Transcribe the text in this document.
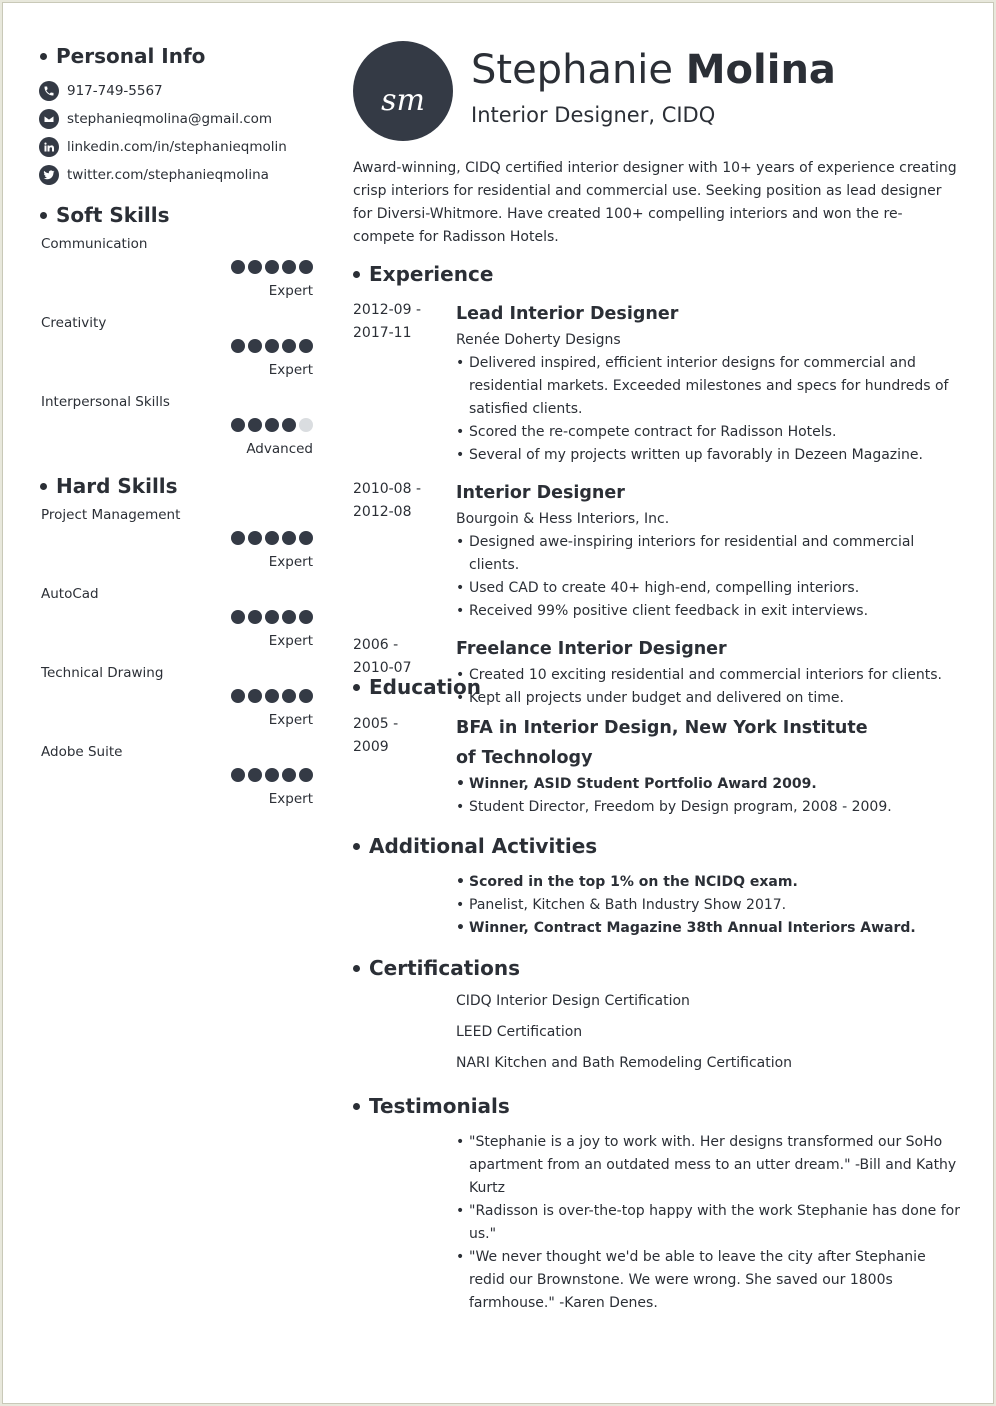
Personal Info
917-749-5567
stephanieqmolina@gmail.com
linkedin.com/in/stephanieqmolin
twitter.com/stephanieqmolina
Soft Skills
Communication
Expert
Creativity
Expert
Interpersonal Skills
Advanced
Hard Skills
Project Management
Expert
AutoCad
Expert
Technical Drawing
Expert
Adobe Suite
Expert
sm
Stephanie Molina
Interior Designer, CIDQ
Award-winning, CIDQ certified interior designer with 10+ years of experience creating crisp interiors for residential and commercial use. Seeking position as lead designer for Diversi-Whitmore. Have created 100+ compelling interiors and won the re-compete for Radisson Hotels.
Experience
2012-09 -
2017-11
Lead Interior Designer
Renée Doherty Designs
• Delivered inspired, efficient interior designs for commercial and residential markets. Exceeded milestones and specs for hundreds of satisfied clients.
• Scored the re-compete contract for Radisson Hotels.
• Several of my projects written up favorably in Dezeen Magazine.
2010-08 -
2012-08
Interior Designer
Bourgoin & Hess Interiors, Inc.
• Designed awe-inspiring interiors for residential and commercial clients.
• Used CAD to create 40+ high-end, compelling interiors.
• Received 99% positive client feedback in exit interviews.
2006 -
2010-07
Freelance Interior Designer
• Created 10 exciting residential and commercial interiors for clients.
• Kept all projects under budget and delivered on time.
Education
2005 -
2009
BFA in Interior Design, New York Institute of Technology
• Winner, ASID Student Portfolio Award 2009.
• Student Director, Freedom by Design program, 2008 - 2009.
Additional Activities
• Scored in the top 1% on the NCIDQ exam.
• Panelist, Kitchen & Bath Industry Show 2017.
• Winner, Contract Magazine 38th Annual Interiors Award.
Certifications
CIDQ Interior Design Certification
LEED Certification
NARI Kitchen and Bath Remodeling Certification
Testimonials
• "Stephanie is a joy to work with. Her designs transformed our SoHo apartment from an outdated mess to an utter dream." -Bill and Kathy Kurtz
• "Radisson is over-the-top happy with the work Stephanie has done for us."
• "We never thought we'd be able to leave the city after Stephanie redid our Brownstone. We were wrong. She saved our 1800s farmhouse." -Karen Denes.
